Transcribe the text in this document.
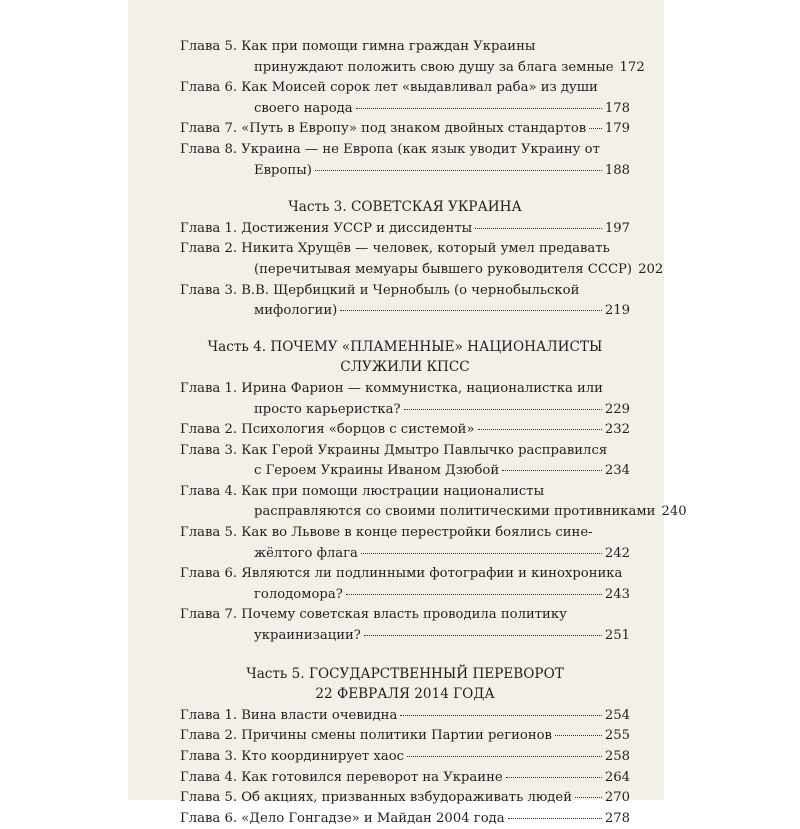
Глава 5. Как при помощи гимна граждан Украины
принуждают положить свою душу за блага земные 172
Глава 6. Как Моисей сорок лет «выдавливал раба» из души
своего народа	178
Глава 7. «Путь в Европу» под знаком двойных стандартов 179
Глава 8. Украина — не Европа (как язык уводит Украину от
Европы)	188
Часть 3. СОВЕТСКАЯ УКРАИНА
Глава 1. Достижения УССР и диссиденты	197
Глава 2. Никита Хрущёв — человек, который умел предавать
(перечитывая мемуары бывшего руководителя СССР) 202
Глава 3. В.В. Щербицкий и Чернобыль (о чернобыльской
мифологии)	219
Часть 4. ПОЧЕМУ «ПЛАМЕННЫЕ» НАЦИОНАЛИСТЫ
СЛУЖИЛИ КПСС
Глава 1. Ирина Фарион — коммунистка, националистка или
просто карьеристка?	229
Глава 2. Психология «борцов с системой»	232
Глава 3. Как Герой Украины Дмытро Павлычко расправился
с Героем Украины Иваном Дзюбой	234
Глава 4. Как при помощи люстрации националисты
расправляются со своими политическими противниками 240
Глава 5. Как во Львове в конце перестройки боялись сине-
жёлтого флага	242
Глава 6. Являются ли подлинными фотографии и кинохроника
голодомора?	243
Глава 7. Почему советская власть проводила политику
украинизации?	251
Часть 5. ГОСУДАРСТВЕННЫЙ ПЕРЕВОРОТ
22 ФЕВРАЛЯ 2014 ГОДА
Глава 1. Вина власти очевидна	254
Глава 2. Причины смены политики Партии регионов	255
Глава 3. Кто координирует хаос	258
Глава 4. Как готовился переворот на Украине	264
Глава 5. Об акциях, призванных взбудораживать людей 270
Глава 6. «Дело Гонгадзе» и Майдан 2004 года	278
